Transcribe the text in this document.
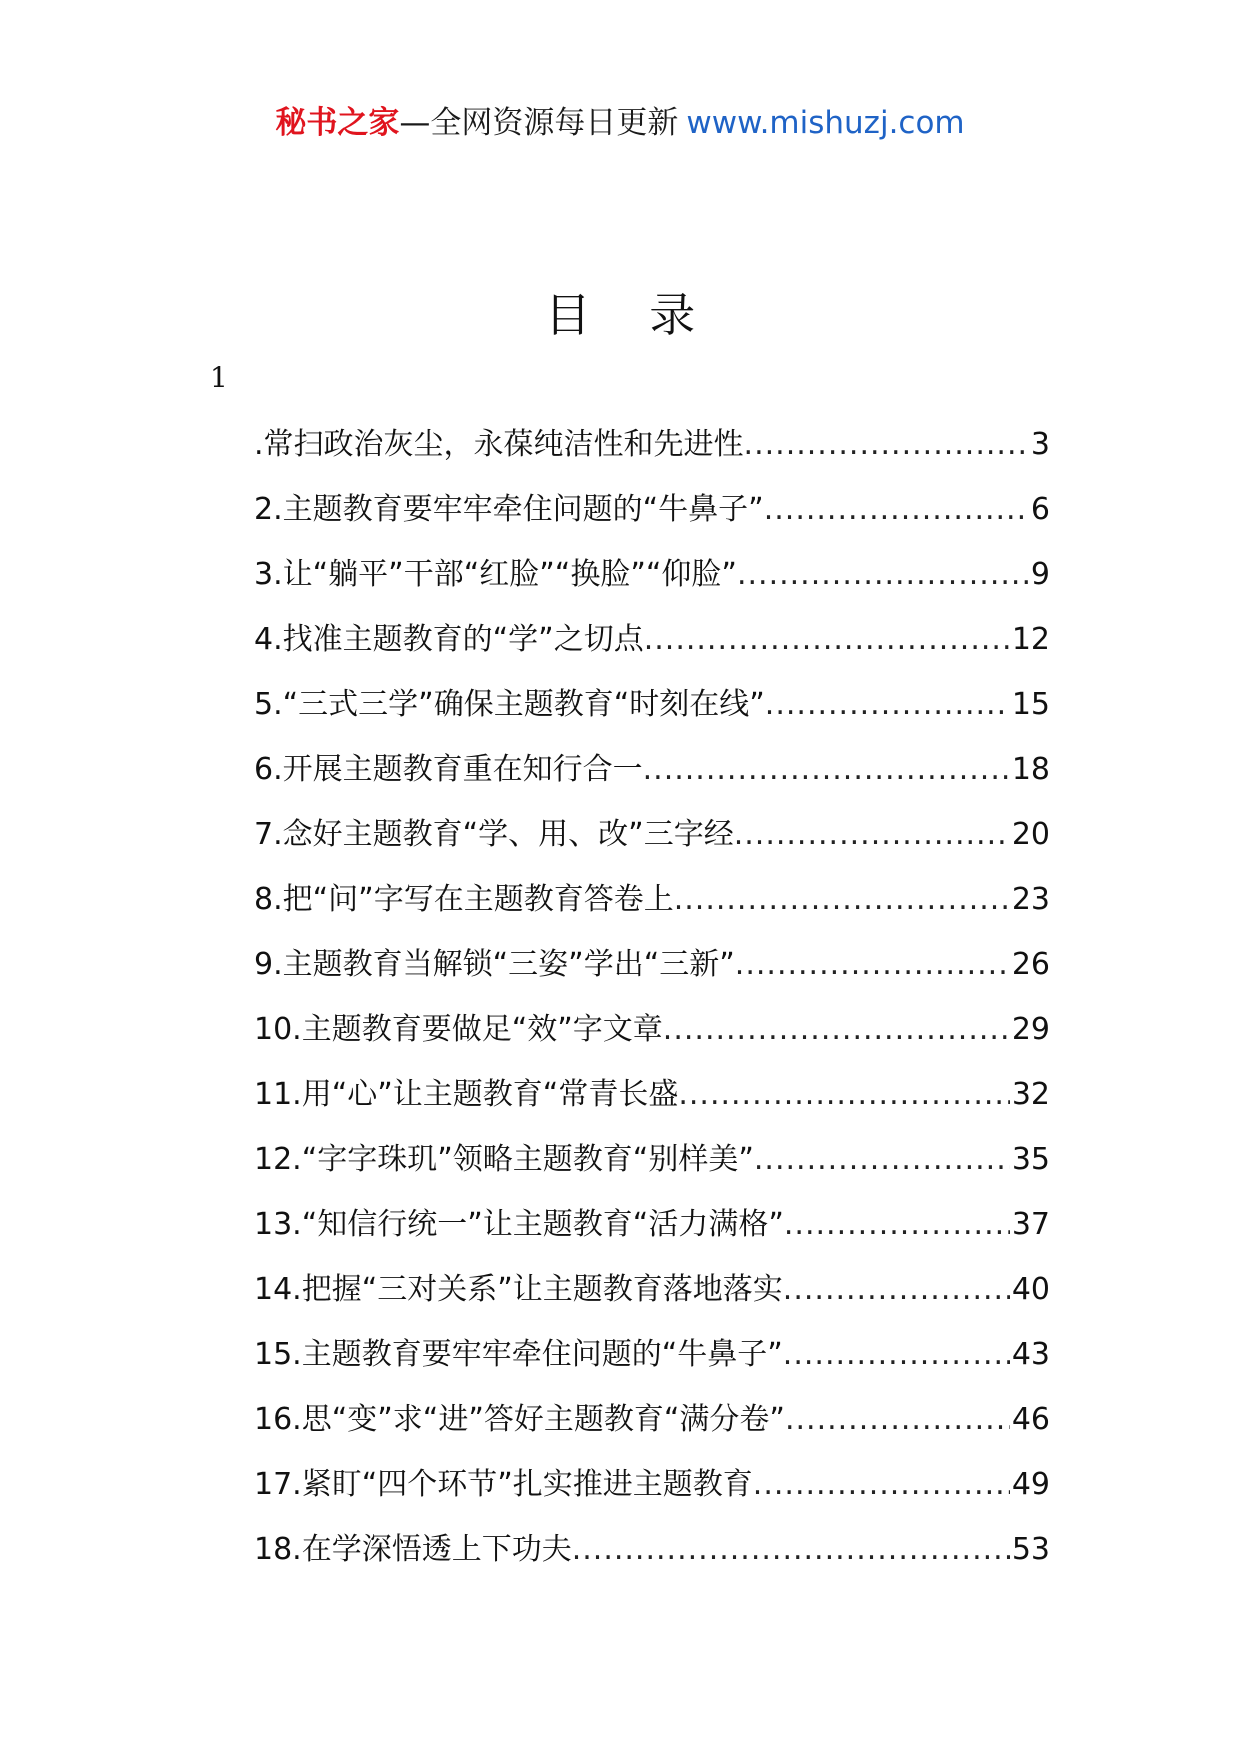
秘书之家—全网资源每日更新 www.mishuzj.com
目 录
1
.常扫政治灰尘，永葆纯洁性和先进性 .....	3
2.主题教育要牢牢牵住问题的“牛鼻子” .....	6
3.让“躺平”干部“红脸”“换脸”“仰脸” .....	9
4.找准主题教育的“学”之切点 .....	12
5.“三式三学”确保主题教育“时刻在线” .....	15
6.开展主题教育重在知行合一 .....	18
7.念好主题教育“学、用、改”三字经 .....	20
8.把“问”字写在主题教育答卷上 .....	23
9.主题教育当解锁“三姿”学出“三新” .....	26
10.主题教育要做足“效”字文章 .....	29
11.用“心”让主题教育“常青长盛 .....	32
12.“字字珠玑”领略主题教育“别样美” .....	35
13.“知信行统一”让主题教育“活力满格” .....	37
14.把握“三对关系”让主题教育落地落实 .....	40
15.主题教育要牢牢牵住问题的“牛鼻子” .....	43
16.思“变”求“进”答好主题教育“满分卷” .....	46
17.紧盯“四个环节”扎实推进主题教育 .....	49
18.在学深悟透上下功夫 .....	53
